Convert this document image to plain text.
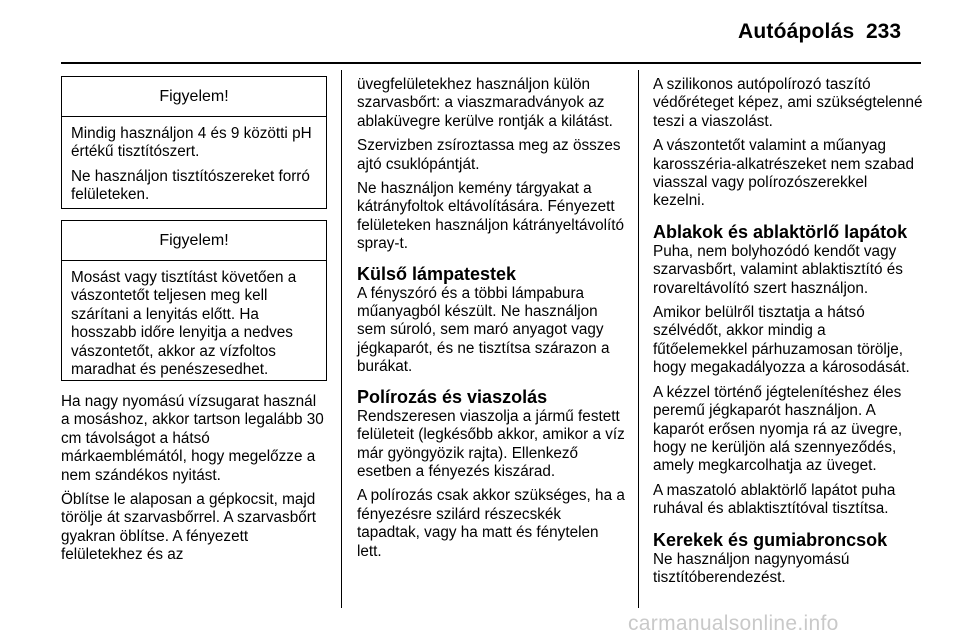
Autóápolás 233
Figyelem!

Mindig használjon 4 és 9 közötti pH értékű tisztítószert.

Ne használjon tisztítószereket forró felületeken.

Figyelem!

Mosást vagy tisztítást követően a vászontetőt teljesen meg kell szárítani a lenyitás előtt. Ha hosszabb időre lenyitja a nedves vászontetőt, akkor az vízfoltos maradhat és penészesedhet.

Ha nagy nyomású vízsugarat használ a mosáshoz, akkor tartson legalább 30 cm távolságot a hátsó márkaemblémától, hogy megelőzze a nem szándékos nyitást.

Öblítse le alaposan a gépkocsit, majd törölje át szarvasbőrrel. A szarvasbőrt gyakran öblítse. A fényezett felületekhez és az

üvegfelületekhez használjon külön szarvasbőrt: a viaszmaradványok az ablaküvegre kerülve rontják a kilátást.

Szervizben zsíroztassa meg az összes ajtó csuklópántját.

Ne használjon kemény tárgyakat a kátrányfoltok eltávolítására. Fényezett felületeken használjon kátrányeltávolító spray-t.

Külső lámpatestek

A fényszóró és a többi lámpabura műanyagból készült. Ne használjon sem súroló, sem maró anyagot vagy jégkaparót, és ne tisztítsa szárazon a burákat.

Polírozás és viaszolás

Rendszeresen viaszolja a jármű festett felületeit (legkésőbb akkor, amikor a víz már gyöngyözik rajta). Ellenkező esetben a fényezés kiszárad.

A polírozás csak akkor szükséges, ha a fényezésre szilárd részecskék tapadtak, vagy ha matt és fénytelen lett.

A szilikonos autópolírozó taszító védőréteget képez, ami szükségtelenné teszi a viaszolást.

A vászontetőt valamint a műanyag karosszéria-alkatrészeket nem szabad viasszal vagy polírozószerekkel kezelni.

Ablakok és ablaktörlő lapátok

Puha, nem bolyhozódó kendőt vagy szarvasbőrt, valamint ablaktisztító és rovareltávolító szert használjon.

Amikor belülről tisztatja a hátsó szélvédőt, akkor mindig a fűtőelemekkel párhuzamosan törölje, hogy megakadályozza a károsodását.

A kézzel történő jégtelenítéshez éles peremű jégkaparót használjon. A kaparót erősen nyomja rá az üvegre, hogy ne kerüljön alá szennyeződés, amely megkarcolhatja az üveget.

A maszatoló ablaktörlő lapátot puha ruhával és ablaktisztítóval tisztítsa.

Kerekek és gumiabroncsok

Ne használjon nagynyomású tisztítóberendezést.

carmanualsonline.info
